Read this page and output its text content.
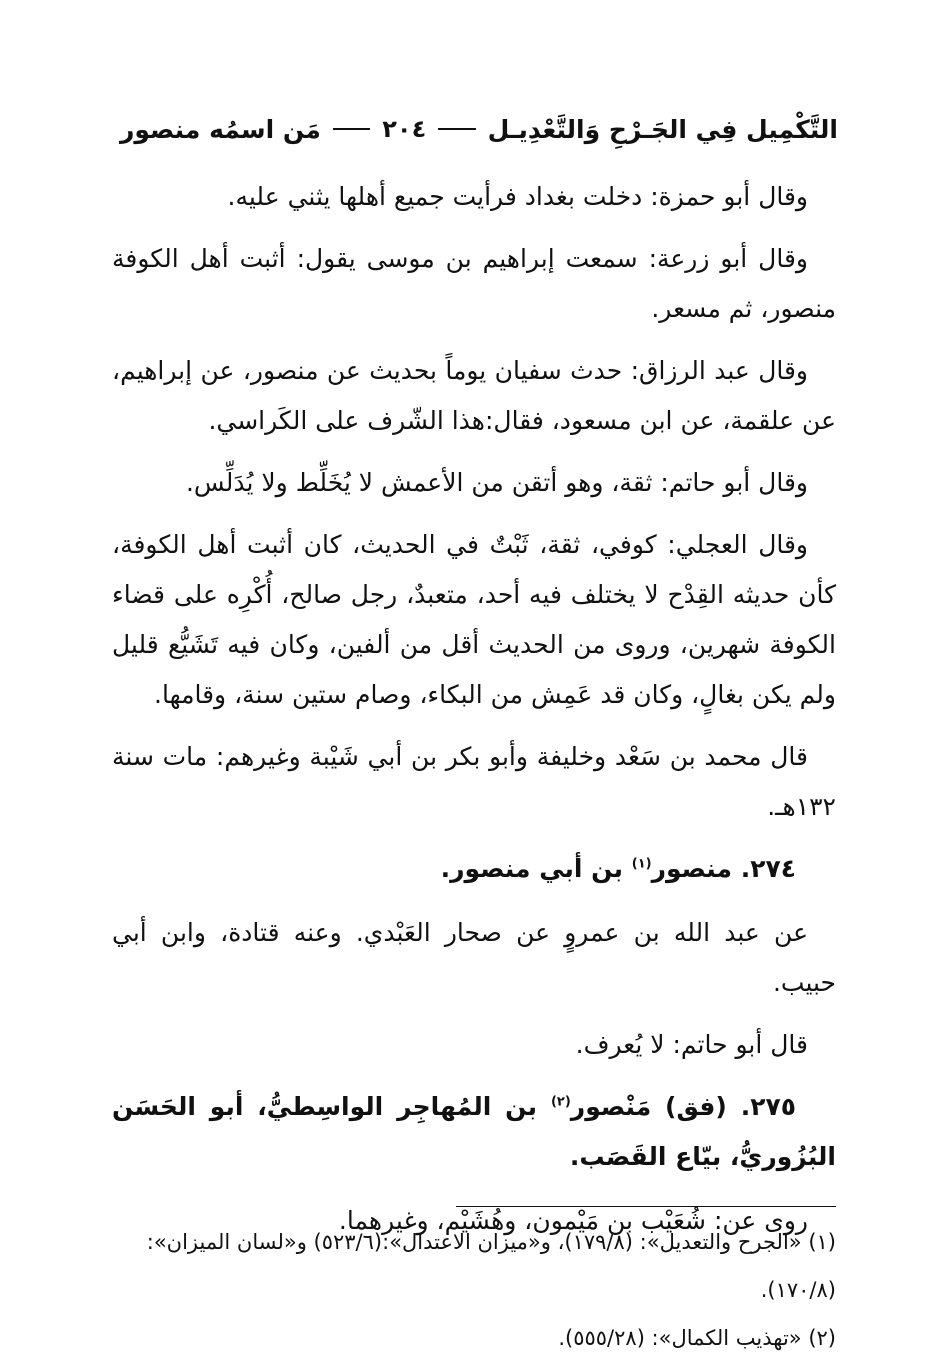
التَّكْمِيل فِي الجَـرْحِ وَالتَّعْدِيـل
٢٠٤
مَن اسمُه منصور

وقال أبو حمزة: دخلت بغداد فرأيت جميع أهلها يثني عليه.

وقال أبو زرعة: سمعت إبراهيم بن موسى يقول: أثبت أهل الكوفة منصور، ثم مسعر.

وقال عبد الرزاق: حدث سفيان يوماً بحديث عن منصور، عن إبراهيم، عن علقمة، عن ابن مسعود، فقال:هذا الشّرف على الكَراسي.

وقال أبو حاتم: ثقة، وهو أتقن من الأعمش لا يُخَلِّط ولا يُدَلِّس.

وقال العجلي: كوفي، ثقة، ثَبْتٌ في الحديث، كان أثبت أهل الكوفة، كأن حديثه القِدْح لا يختلف فيه أحد، متعبدٌ، رجل صالح، أُكْرِه على قضاء الكوفة شهرين، وروى من الحديث أقل من ألفين، وكان فيه تَشَيُّع قليل ولم يكن بغالٍ، وكان قد عَمِش من البكاء، وصام ستين سنة، وقامها.

قال محمد بن سَعْد وخليفة وأبو بكر بن أبي شَيْبة وغيرهم: مات سنة ١٣٢هـ.

٢٧٤. منصور$^{(١)}$ بن أبي منصور.

عن عبد الله بن عمروٍ عن صحار العَبْدي. وعنه قتادة، وابن أبي حبيب.

قال أبو حاتم: لا يُعرف.

٢٧٥. (فق) مَنْصور$^{(٢)}$ بن المُهاجِر الواسِطيُّ، أبو الحَسَن البُزُوريُّ، بيّاع القَصَب.

روى عن: شُعَيْب بن مَيْمون، وهُشَيْم، وغيرهما.

(١) «الجرح والتعديل»: (١٧٩/٨)، و«ميزان الاعتدال»:(٥٢٣/٦) و«لسان الميزان»: (١٧٠/٨).

(٢) «تهذيب الكمال»: (٥٥٥/٢٨).
